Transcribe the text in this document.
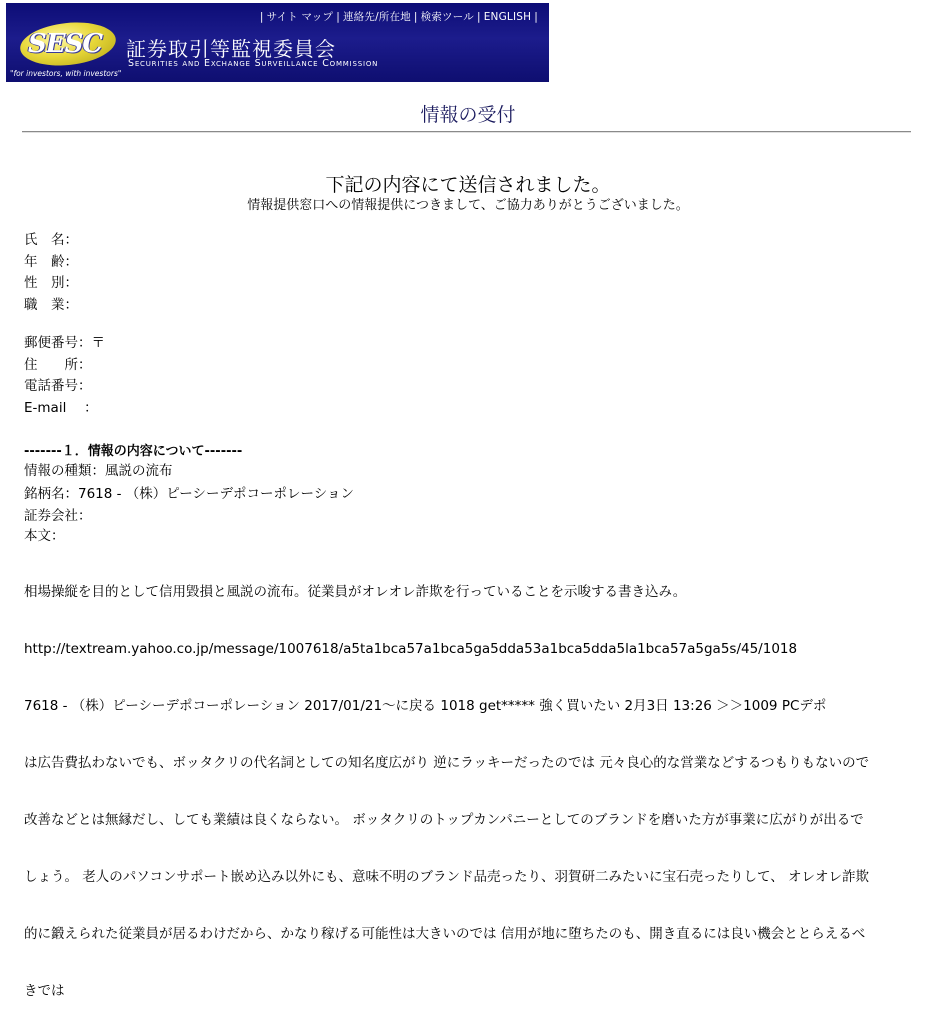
| サイト マップ | 連絡先/所在地 | 検索ツール | ENGLISH |
SESC
"for investors, with investors"
証券取引等監視委員会
Securities and Exchange Surveillance Commission
情報の受付
下記の内容にて送信されました。
情報提供窓口への情報提供につきまして、ご協力ありがとうございました。
氏　名：
年　齢：
性　別：
職　業：
郵便番号：〒
住　　所：
電話番号：
E-mail　 ：
-------１．情報の内容について-------
情報の種類：風説の流布
銘柄名：7618 - （株）ピーシーデポコーポレーション
証券会社：
本文：

相場操縦を目的として信用毀損と風説の流布。従業員がオレオレ詐欺を行っていることを示唆する書き込み。

http://textream.yahoo.co.jp/message/1007618/a5ta1bca57a1bca5ga5dda53a1bca5dda5la1bca57a5ga5s/45/1018

7618 - （株）ピーシーデポコーポレーション 2017/01/21～に戻る 1018 get***** 強く買いたい 2月3日 13:26 ＞＞1009 PCデポ

は広告費払わないでも、ボッタクリの代名詞としての知名度広がり 逆にラッキーだったのでは 元々良心的な営業などするつもりもないので

改善などとは無縁だし、しても業績は良くならない。 ボッタクリのトップカンパニーとしてのブランドを磨いた方が事業に広がりが出るで

しょう。 老人のパソコンサポート嵌め込み以外にも、意味不明のブランド品売ったり、羽賀研二みたいに宝石売ったりして、 オレオレ詐欺

的に鍛えられた従業員が居るわけだから、かなり稼げる可能性は大きいのでは 信用が地に堕ちたのも、開き直るには良い機会ととらえるべ

きでは
